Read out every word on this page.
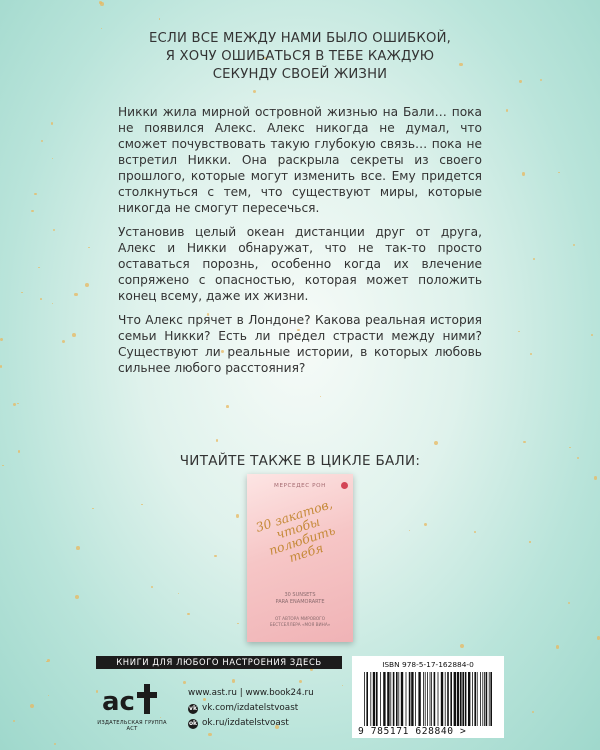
ЕСЛИ ВСЕ МЕЖДУ НАМИ БЫЛО ОШИБКОЙ,
Я ХОЧУ ОШИБАТЬСЯ В ТЕБЕ КАЖДУЮ
СЕКУНДУ СВОЕЙ ЖИЗНИ

Никки жила мирной островной жизнью на Бали… пока не появился Алекс. Алекс никогда не думал, что сможет почувствовать такую глубокую связь… пока не встретил Никки. Она раскрыла секреты из своего прошлого, которые могут изменить все. Ему придется столкнуться с тем, что существуют миры, которые никогда не смогут пересечься.

Установив целый океан дистанции друг от друга, Алекс и Никки обнаружат, что не так-то просто оставаться порознь, особенно когда их влечение сопряжено с опасностью, которая может положить конец всему, даже их жизни.

Что Алекс прячет в Лондоне? Какова реальная история семьи Никки? Есть ли предел страсти между ними? Существуют ли реальные истории, в которых любовь сильнее любого расстояния?

ЧИТАЙТЕ ТАКЖЕ В ЦИКЛЕ БАЛИ:
МЕРСЕДЕС РОН
30 закатов, чтобы полюбить тебя
30 SUNSETS
PARA ENAMORARTE
ОТ АВТОРА МИРОВОГО
БЕСТСЕЛЛЕРА «МОЯ ВИНА»
КНИГИ ДЛЯ ЛЮБОГО НАСТРОЕНИЯ ЗДЕСЬ
ас
ИЗДАТЕЛЬСКАЯ ГРУППА АСТ
www.ast.ru | www.book24.ru
vk vk.com/izdatelstvoast
ok ok.ru/izdatelstvoast
ISBN 978-5-17-162884-0
9 785171 628840 >
